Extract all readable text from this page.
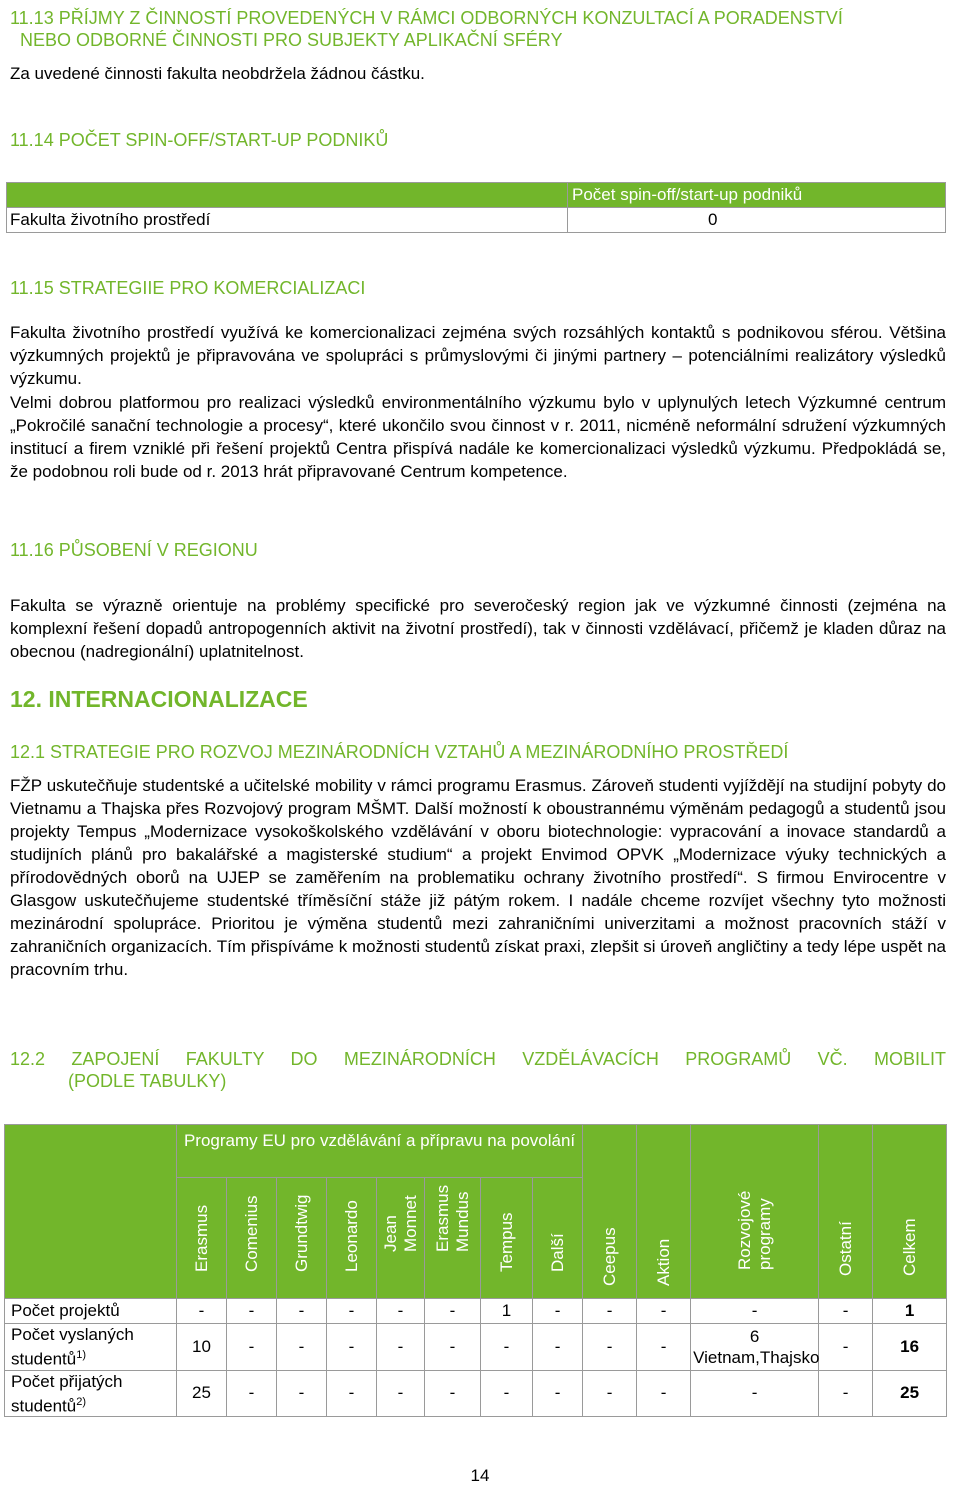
11.13 PŘÍJMY Z ČINNOSTÍ PROVEDENÝCH V RÁMCI ODBORNÝCH KONZULTACÍ A PORADENSTVÍ
NEBO ODBORNÉ ČINNOSTI PRO SUBJEKTY APLIKAČNÍ SFÉRY
Za uvedené činnosti fakulta neobdržela žádnou částku.
11.14 POČET SPIN-OFF/START-UP PODNIKŮ
	Počet spin-off/start-up podniků
Fakulta životního prostředí	0
11.15 STRATEGIIE PRO KOMERCIALIZACI
Fakulta životního prostředí využívá ke komercionalizaci zejména svých rozsáhlých kontaktů s podnikovou sférou. Většina výzkumných projektů je připravována ve spolupráci s průmyslovými či jinými partnery – potenciálními realizátory výsledků výzkumu.
Velmi dobrou platformou pro realizaci výsledků environmentálního výzkumu bylo v uplynulých letech Výzkumné centrum „Pokročilé sanační technologie a procesy“, které ukončilo svou činnost v r. 2011, nicméně neformální sdružení výzkumných institucí a firem vzniklé při řešení projektů Centra přispívá nadále ke komercionalizaci výsledků výzkumu. Předpokládá se, že podobnou roli bude od r. 2013 hrát připravované Centrum kompetence.
11.16 PŮSOBENÍ V REGIONU
Fakulta se výrazně orientuje na problémy specifické pro severočeský region jak ve výzkumné činnosti (zejména na komplexní řešení dopadů antropogenních aktivit na životní prostředí), tak v činnosti vzdělávací, přičemž je kladen důraz na obecnou (nadregionální) uplatnitelnost.
12. INTERNACIONALIZACE
12.1 STRATEGIE PRO ROZVOJ MEZINÁRODNÍCH VZTAHŮ A MEZINÁRODNÍHO PROSTŘEDÍ
FŽP uskutečňuje studentské a učitelské mobility v rámci programu Erasmus. Zároveň studenti vyjíždějí na studijní pobyty do Vietnamu a Thajska přes Rozvojový program MŠMT. Další možností k oboustrannému výměnám pedagogů a studentů jsou projekty Tempus „Modernizace vysokoškolského vzdělávání v oboru biotechnologie: vypracování a inovace standardů a studijních plánů pro bakalářské a magisterské studium“ a projekt Envimod OPVK „Modernizace výuky technických a přírodovědných oborů na UJEP se zaměřením na problematiku ochrany životního prostředí“. S firmou Envirocentre v Glasgow uskutečňujeme studentské tříměsíční stáže již pátým rokem. I nadále chceme rozvíjet všechny tyto možnosti mezinárodní spolupráce. Prioritou je výměna studentů mezi zahraničními univerzitami a možnost pracovních stáží v zahraničních organizacích. Tím přispíváme k možnosti studentů získat praxi, zlepšit si úroveň angličtiny a tedy lépe uspět na pracovním trhu.
12.2 ZAPOJENÍ FAKULTY DO MEZINÁRODNÍCH VZDĚLÁVACÍCH PROGRAMŮ VČ. MOBILIT
(PODLE TABULKY)
	Programy EU pro vzdělávání a přípravu na povolání								Ceepus	Aktion	Rozvojové programy	Ostatní	Celkem

	Erasmus	Comenius	Grundtwig	Leonardo	Jean Monnet	Erasmus Mundus	Tempus	Další					

Počet projektů	-	-	-	-	-	-	1	-	-	-	-	-	1
Počet vyslaných studentů$^{1)}$	10	-	-	-	-	-	-	-	-	-	6 Vietnam,Thajsko	-	16
Počet přijatých studentů$^{2)}$	25	-	-	-	-	-	-	-	-	-	-	-	25
14
